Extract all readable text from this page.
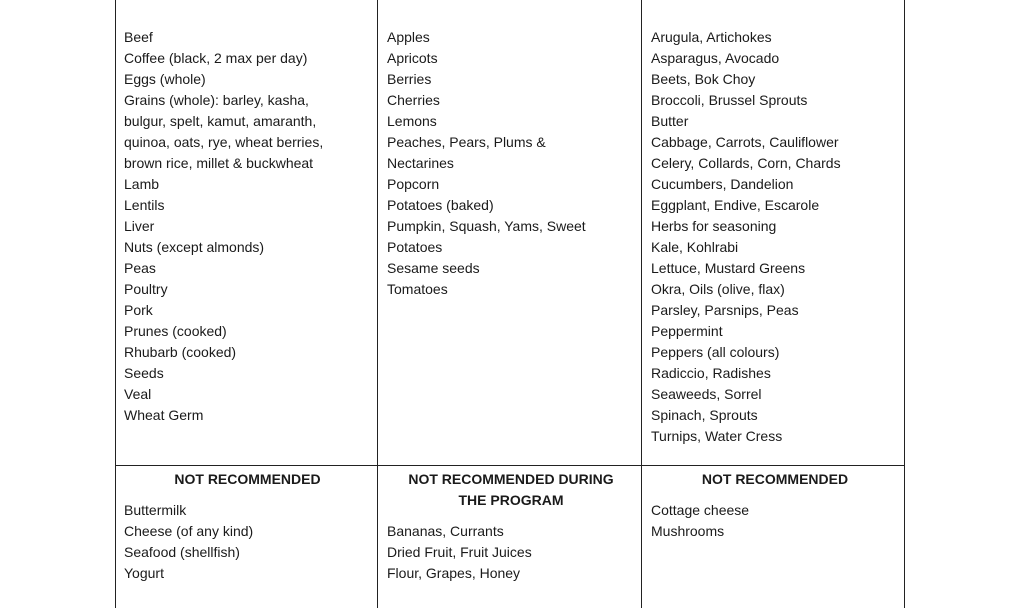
Beef
Coffee (black, 2 max per day)
Eggs (whole)
Grains (whole): barley, kasha,
bulgur, spelt, kamut, amaranth,
quinoa, oats, rye, wheat berries,
brown rice, millet & buckwheat
Lamb
Lentils
Liver
Nuts (except almonds)
Peas
Poultry
Pork
Prunes (cooked)
Rhubarb (cooked)
Seeds
Veal
Wheat Germ
Apples
Apricots
Berries
Cherries
Lemons
Peaches, Pears, Plums &
Nectarines
Popcorn
Potatoes (baked)
Pumpkin, Squash, Yams, Sweet
Potatoes
Sesame seeds
Tomatoes
Arugula, Artichokes
Asparagus, Avocado
Beets, Bok Choy
Broccoli, Brussel Sprouts
Butter
Cabbage, Carrots, Cauliflower
Celery, Collards, Corn, Chards
Cucumbers, Dandelion
Eggplant, Endive, Escarole
Herbs for seasoning
Kale, Kohlrabi
Lettuce, Mustard Greens
Okra, Oils (olive, flax)
Parsley, Parsnips, Peas
Peppermint
Peppers (all colours)
Radiccio, Radishes
Seaweeds, Sorrel
Spinach, Sprouts
Turnips, Water Cress
NOT RECOMMENDED
Buttermilk
Cheese (of any kind)
Seafood (shellfish)
Yogurt
NOT RECOMMENDED DURING THE PROGRAM
Bananas, Currants
Dried Fruit, Fruit Juices
Flour, Grapes, Honey
NOT RECOMMENDED
Cottage cheese
Mushrooms
